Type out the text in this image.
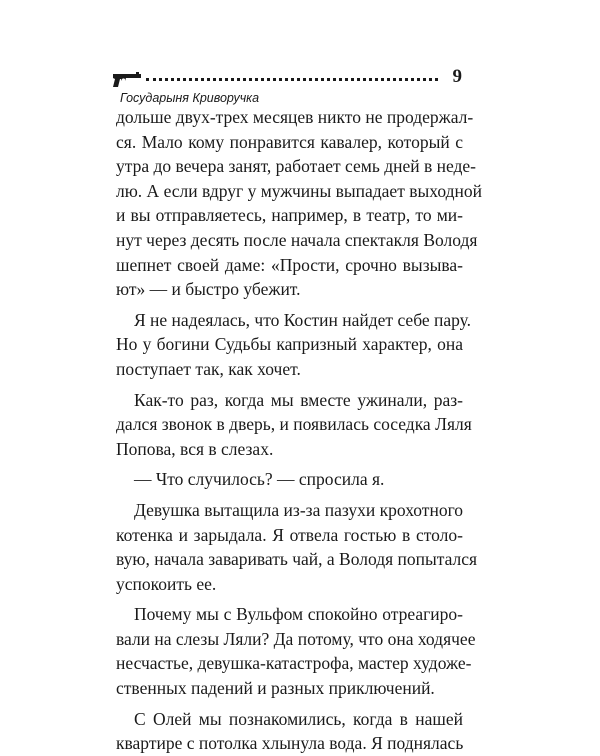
9
Государыня Криворучка
дольше двух-трех месяцев никто не продержал-
ся. Мало кому понравится кавалер, который с
утра до вечера занят, работает семь дней в неде-
лю. А если вдруг у мужчины выпадает выходной
и вы отправляетесь, например, в театр, то ми-
нут через десять после начала спектакля Володя
шепнет своей даме: «Прости, срочно вызыва-
ют» — и быстро убежит.
Я не надеялась, что Костин найдет себе пару.
Но у богини Судьбы капризный характер, она
поступает так, как хочет.
Как-то раз, когда мы вместе ужинали, раз-
дался звонок в дверь, и появилась соседка Ляля
Попова, вся в слезах.
— Что случилось? — спросила я.
Девушка вытащила из-за пазухи крохотного
котенка и зарыдала. Я отвела гостью в столо-
вую, начала заваривать чай, а Володя попытался
успокоить ее.
Почему мы с Вульфом спокойно отреагиро-
вали на слезы Ляли? Да потому, что она ходячее
несчастье, девушка-катастрофа, мастер художе-
ственных падений и разных приключений.
С Олей мы познакомились, когда в нашей
квартире с потолка хлынула вода. Я поднялась
